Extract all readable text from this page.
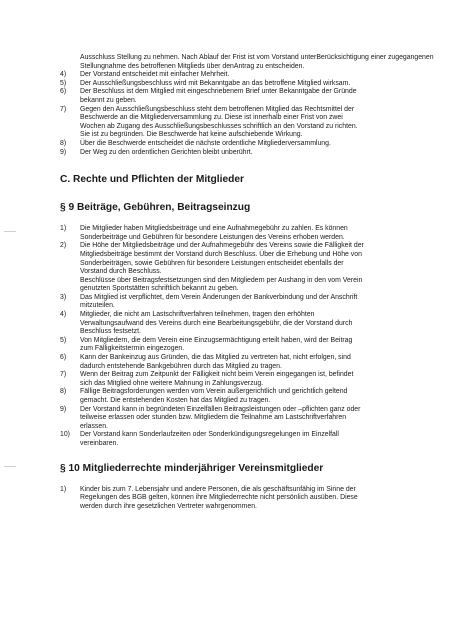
Ausschluss Stellung zu nehmen. Nach Ablauf der Frist ist vom Vorstand unterBerücksichtigung einer zugegangenen Stellungnahme des betroffenen Mitglieds über denAntrag zu entscheiden.
4) Der Vorstand entscheidet mit einfacher Mehrheit.
5) Der Ausschließungsbeschluss wird mit Bekanntgabe an das betroffene Mitglied wirksam.
6) Der Beschluss ist dem Mitglied mit eingeschriebenem Brief unter Bekanntgabe der Gründe
bekannt zu geben.
7) Gegen den Ausschließungsbeschluss steht dem betroffenen Mitglied das Rechtsmittel der
Beschwerde an die Mitgliederversammlung zu. Diese ist innerhalb einer Frist von zwei
Wochen ab Zugang des Ausschließungsbeschlusses schriftlich an den Vorstand zu richten.
Sie ist zu begründen. Die Beschwerde hat keine aufschiebende Wirkung.
8) Über die Beschwerde entscheidet die nächste ordentliche Mitgliederversammlung.
9) Der Weg zu den ordentlichen Gerichten bleibt unberührt.
C. Rechte und Pflichten der Mitglieder
§ 9 Beiträge, Gebühren, Beitragseinzug
1) Die Mitglieder haben Mitgliedsbeiträge und eine Aufnahmegebühr zu zahlen. Es können
Sonderbeiträge und Gebühren für besondere Leistungen des Vereins erhoben werden.
2) Die Höhe der Mitgliedsbeiträge und der Aufnahmegebühr des Vereins sowie die Fälligkeit der
Mitgliedsbeiträge bestimmt der Vorstand durch Beschluss. Über die Erhebung und Höhe von
Sonderbeiträgen, sowie Gebühren für besondere Leistungen entscheidet ebenfalls der
Vorstand durch Beschluss.
Beschlüsse über Beitragsfestsetzungen sind den Mitgliedern per Aushang in den vom Verein
genutzten Sportstätten schriftlich bekannt zu geben.
3) Das Mitglied ist verpflichtet, dem Verein Änderungen der Bankverbindung und der Anschrift
mitzuteilen.
4) Mitglieder, die nicht am Lastschriftverfahren teilnehmen, tragen den erhöhten
Verwaltungsaufwand des Vereins durch eine Bearbeitungsgebühr, die der Vorstand durch
Beschluss festsetzt.
5) Von Mitgliedern, die dem Verein eine Einzugsermächtigung erteilt haben, wird der Beitrag
zum Fälligkeitstermin eingezogen.
6) Kann der Bankeinzug aus Gründen, die das Mitglied zu vertreten hat, nicht erfolgen, sind
dadurch entstehende Bankgebühren durch das Mitglied zu tragen.
7) Wenn der Beitrag zum Zeitpunkt der Fälligkeit nicht beim Verein eingegangen ist, befindet
sich das Mitglied ohne weitere Mahnung in Zahlungsverzug.
8) Fällige Beitragsforderungen werden vom Verein außergerichtlich und gerichtlich geltend
gemacht. Die entstehenden Kosten hat das Mitglied zu tragen.
9) Der Vorstand kann in begründeten Einzelfällen Beitragsleistungen oder –pflichten ganz oder
teilweise erlassen oder stunden bzw. Mitgliedern die Teilnahme am Lastschriftverfahren
erlassen.
10) Der Vorstand kann Sonderlaufzeiten oder Sonderkündigungsregelungen im Einzelfall
vereinbaren.
§ 10 Mitgliederrechte minderjähriger Vereinsmitglieder
1) Kinder bis zum 7. Lebensjahr und andere Personen, die als geschäftsunfähig im Sinne der
Regelungen des BGB gelten, können ihre Mitgliederrechte nicht persönlich ausüben. Diese
werden durch ihre gesetzlichen Vertreter wahrgenommen.
